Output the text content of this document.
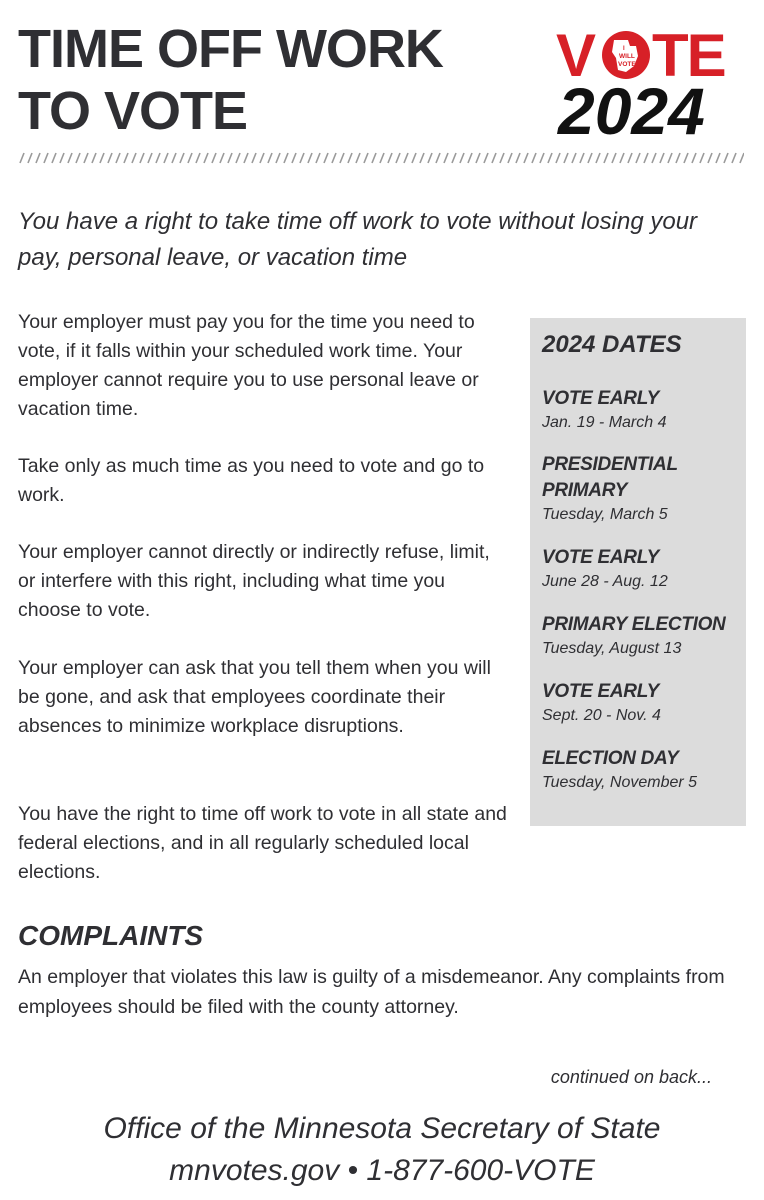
TIME OFF WORK
TO VOTE
V	I
WILL
VOTE TE
2024

You have a right to take time off work to vote without losing your pay, personal leave, or vacation time

Your employer must pay you for the time you need to vote, if it falls within your scheduled work time. Your employer cannot require you to use personal leave or vacation time.

Take only as much time as you need to vote and go to work.

Your employer cannot directly or indirectly refuse, limit, or interfere with this right, including what time you choose to vote.

Your employer can ask that you tell them when you will be gone, and ask that employees coordinate their absences to minimize workplace disruptions.

You have the right to time off work to vote in all state and federal elections, and in all regularly scheduled local elections.

2024 DATES
VOTE EARLY
Jan. 19 - March 4
PRESIDENTIAL PRIMARY
Tuesday, March 5
VOTE EARLY
June 28 - Aug. 12
PRIMARY ELECTION
Tuesday, August 13
VOTE EARLY
Sept. 20 - Nov. 4
ELECTION DAY
Tuesday, November 5
COMPLAINTS

An employer that violates this law is guilty of a misdemeanor. Any complaints from employees should be filed with the county attorney.

continued on back...

Office of the Minnesota Secretary of State
mnvotes.gov • 1-877-600-VOTE
